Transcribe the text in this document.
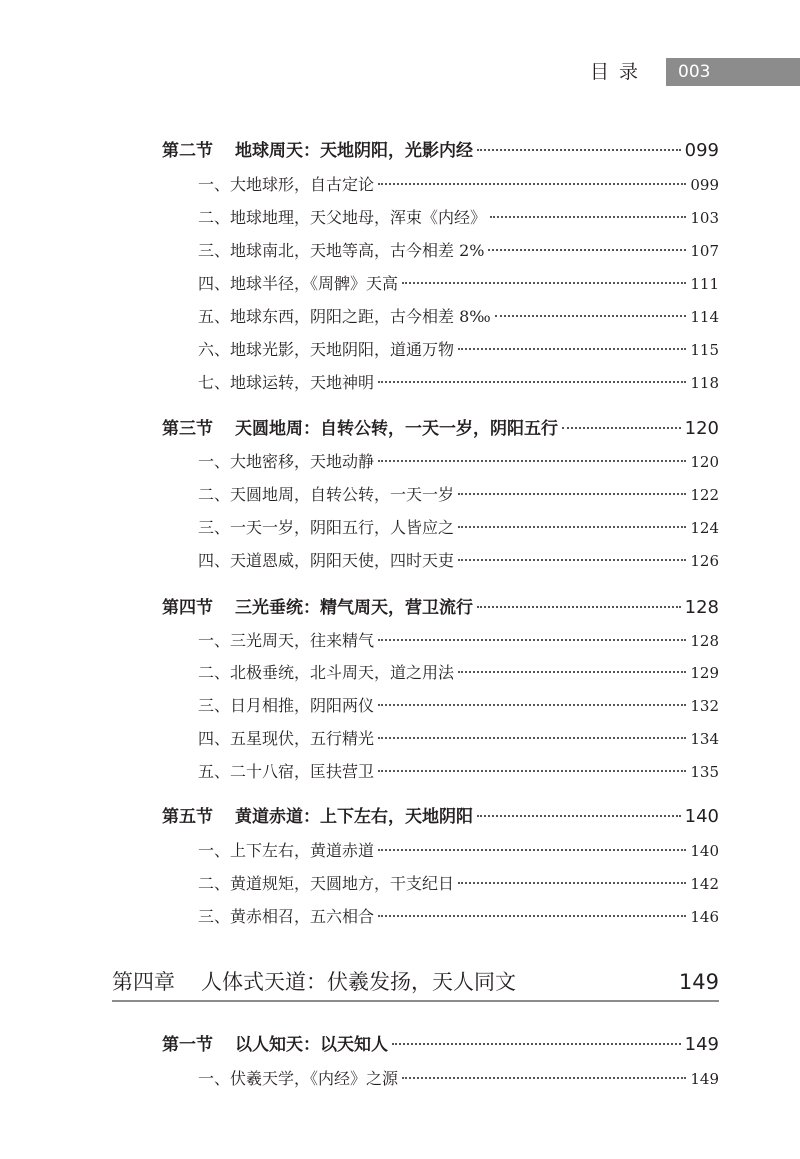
目录	003
第二节 地球周天：天地阴阳，光影内经	099
一、大地球形，自古定论	099
二、地球地理，天父地母，浑束《内经》	103
三、地球南北，天地等高，古今相差 2%	107
四、地球半径，《周髀》天高	111
五、地球东西，阴阳之距，古今相差 8‰	114
六、地球光影，天地阴阳，道通万物	115
七、地球运转，天地神明	118
第三节 天圆地周：自转公转，一天一岁，阴阳五行	120
一、大地密移，天地动静	120
二、天圆地周，自转公转，一天一岁	122
三、一天一岁，阴阳五行，人皆应之	124
四、天道恩威，阴阳天使，四时天吏	126
第四节 三光垂统：精气周天，营卫流行	128
一、三光周天，往来精气	128
二、北极垂统，北斗周天，道之用法	129
三、日月相推，阴阳两仪	132
四、五星现伏，五行精光	134
五、二十八宿，匡扶营卫	135
第五节 黄道赤道：上下左右，天地阴阳	140
一、上下左右，黄道赤道	140
二、黄道规矩，天圆地方，干支纪日	142
三、黄赤相召，五六相合	146
第四章 人体式天道：伏羲发扬，天人同文	149
第一节 以人知天：以天知人	149
一、伏羲天学，《内经》之源	149
